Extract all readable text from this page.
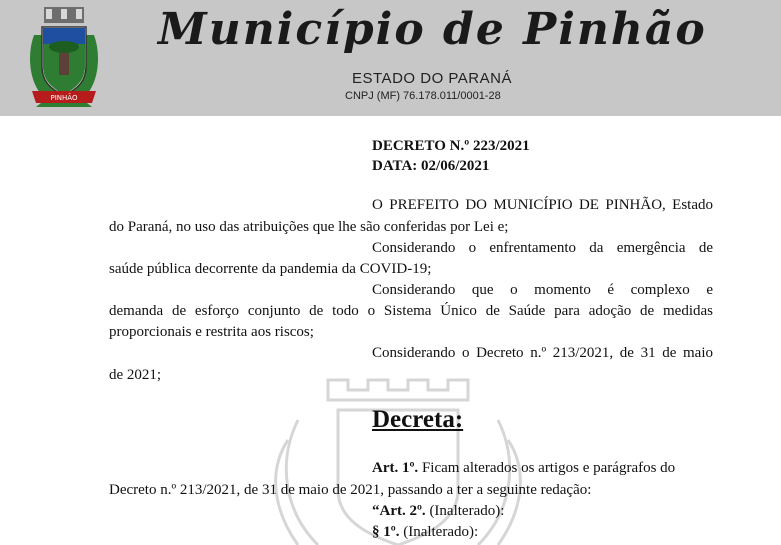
PINHÃO
Município de Pinhão
ESTADO DO PARANÁ
CNPJ (MF) 76.178.011/0001-28
DECRETO N.º 223/2021
DATA: 02/06/2021
O PREFEITO DO MUNICÍPIO DE PINHÃO, Estado
do Paraná, no uso das atribuições que lhe são conferidas por Lei e;
Considerando o enfrentamento da emergência de
saúde pública decorrente da pandemia da COVID-19;
Considerando que o momento é complexo e
demanda de esforço conjunto de todo o Sistema Único de Saúde para adoção de medidas
proporcionais e restrita aos riscos;
Considerando o Decreto n.º 213/2021, de 31 de maio
de 2021;
Decreta:
Art. 1º. Ficam alterados os artigos e parágrafos do
Decreto n.º 213/2021, de 31 de maio de 2021, passando a ter a seguinte redação:
“Art. 2º. (Inalterado):
§ 1º. (Inalterado):
